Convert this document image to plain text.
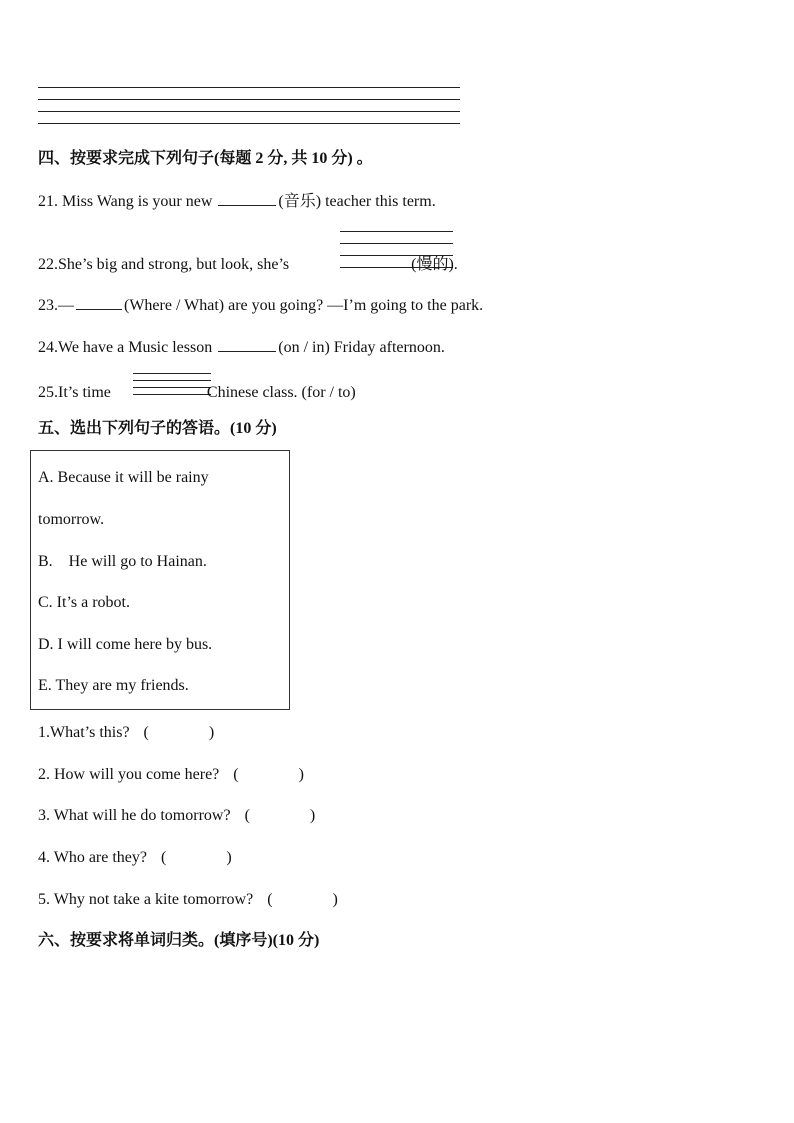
四、按要求完成下列句子(每题 2 分, 共 10 分) 。
21. Miss Wang is your new	(音乐) teacher this term.
22.She’s big and strong, but look, she’s	(慢的).
23.—	(Where / What) are you going? —I’m going to the park.
24.We have a Music lesson	(on / in) Friday afternoon.
25.It’s time	Chinese class. (for / to)
五、选出下列句子的答语。(10 分)
A. Because it will be rainy
tomorrow.
B.    He will go to Hainan.
C. It’s a robot.
D. I will come here by bus.
E. They are my friends.
1.What’s this? (	)
2. How will you come here? (	)
3. What will he do tomorrow? (	)
4. Who are they? (	)
5. Why not take a kite tomorrow? (	)
六、按要求将单词归类。(填序号)(10 分)
